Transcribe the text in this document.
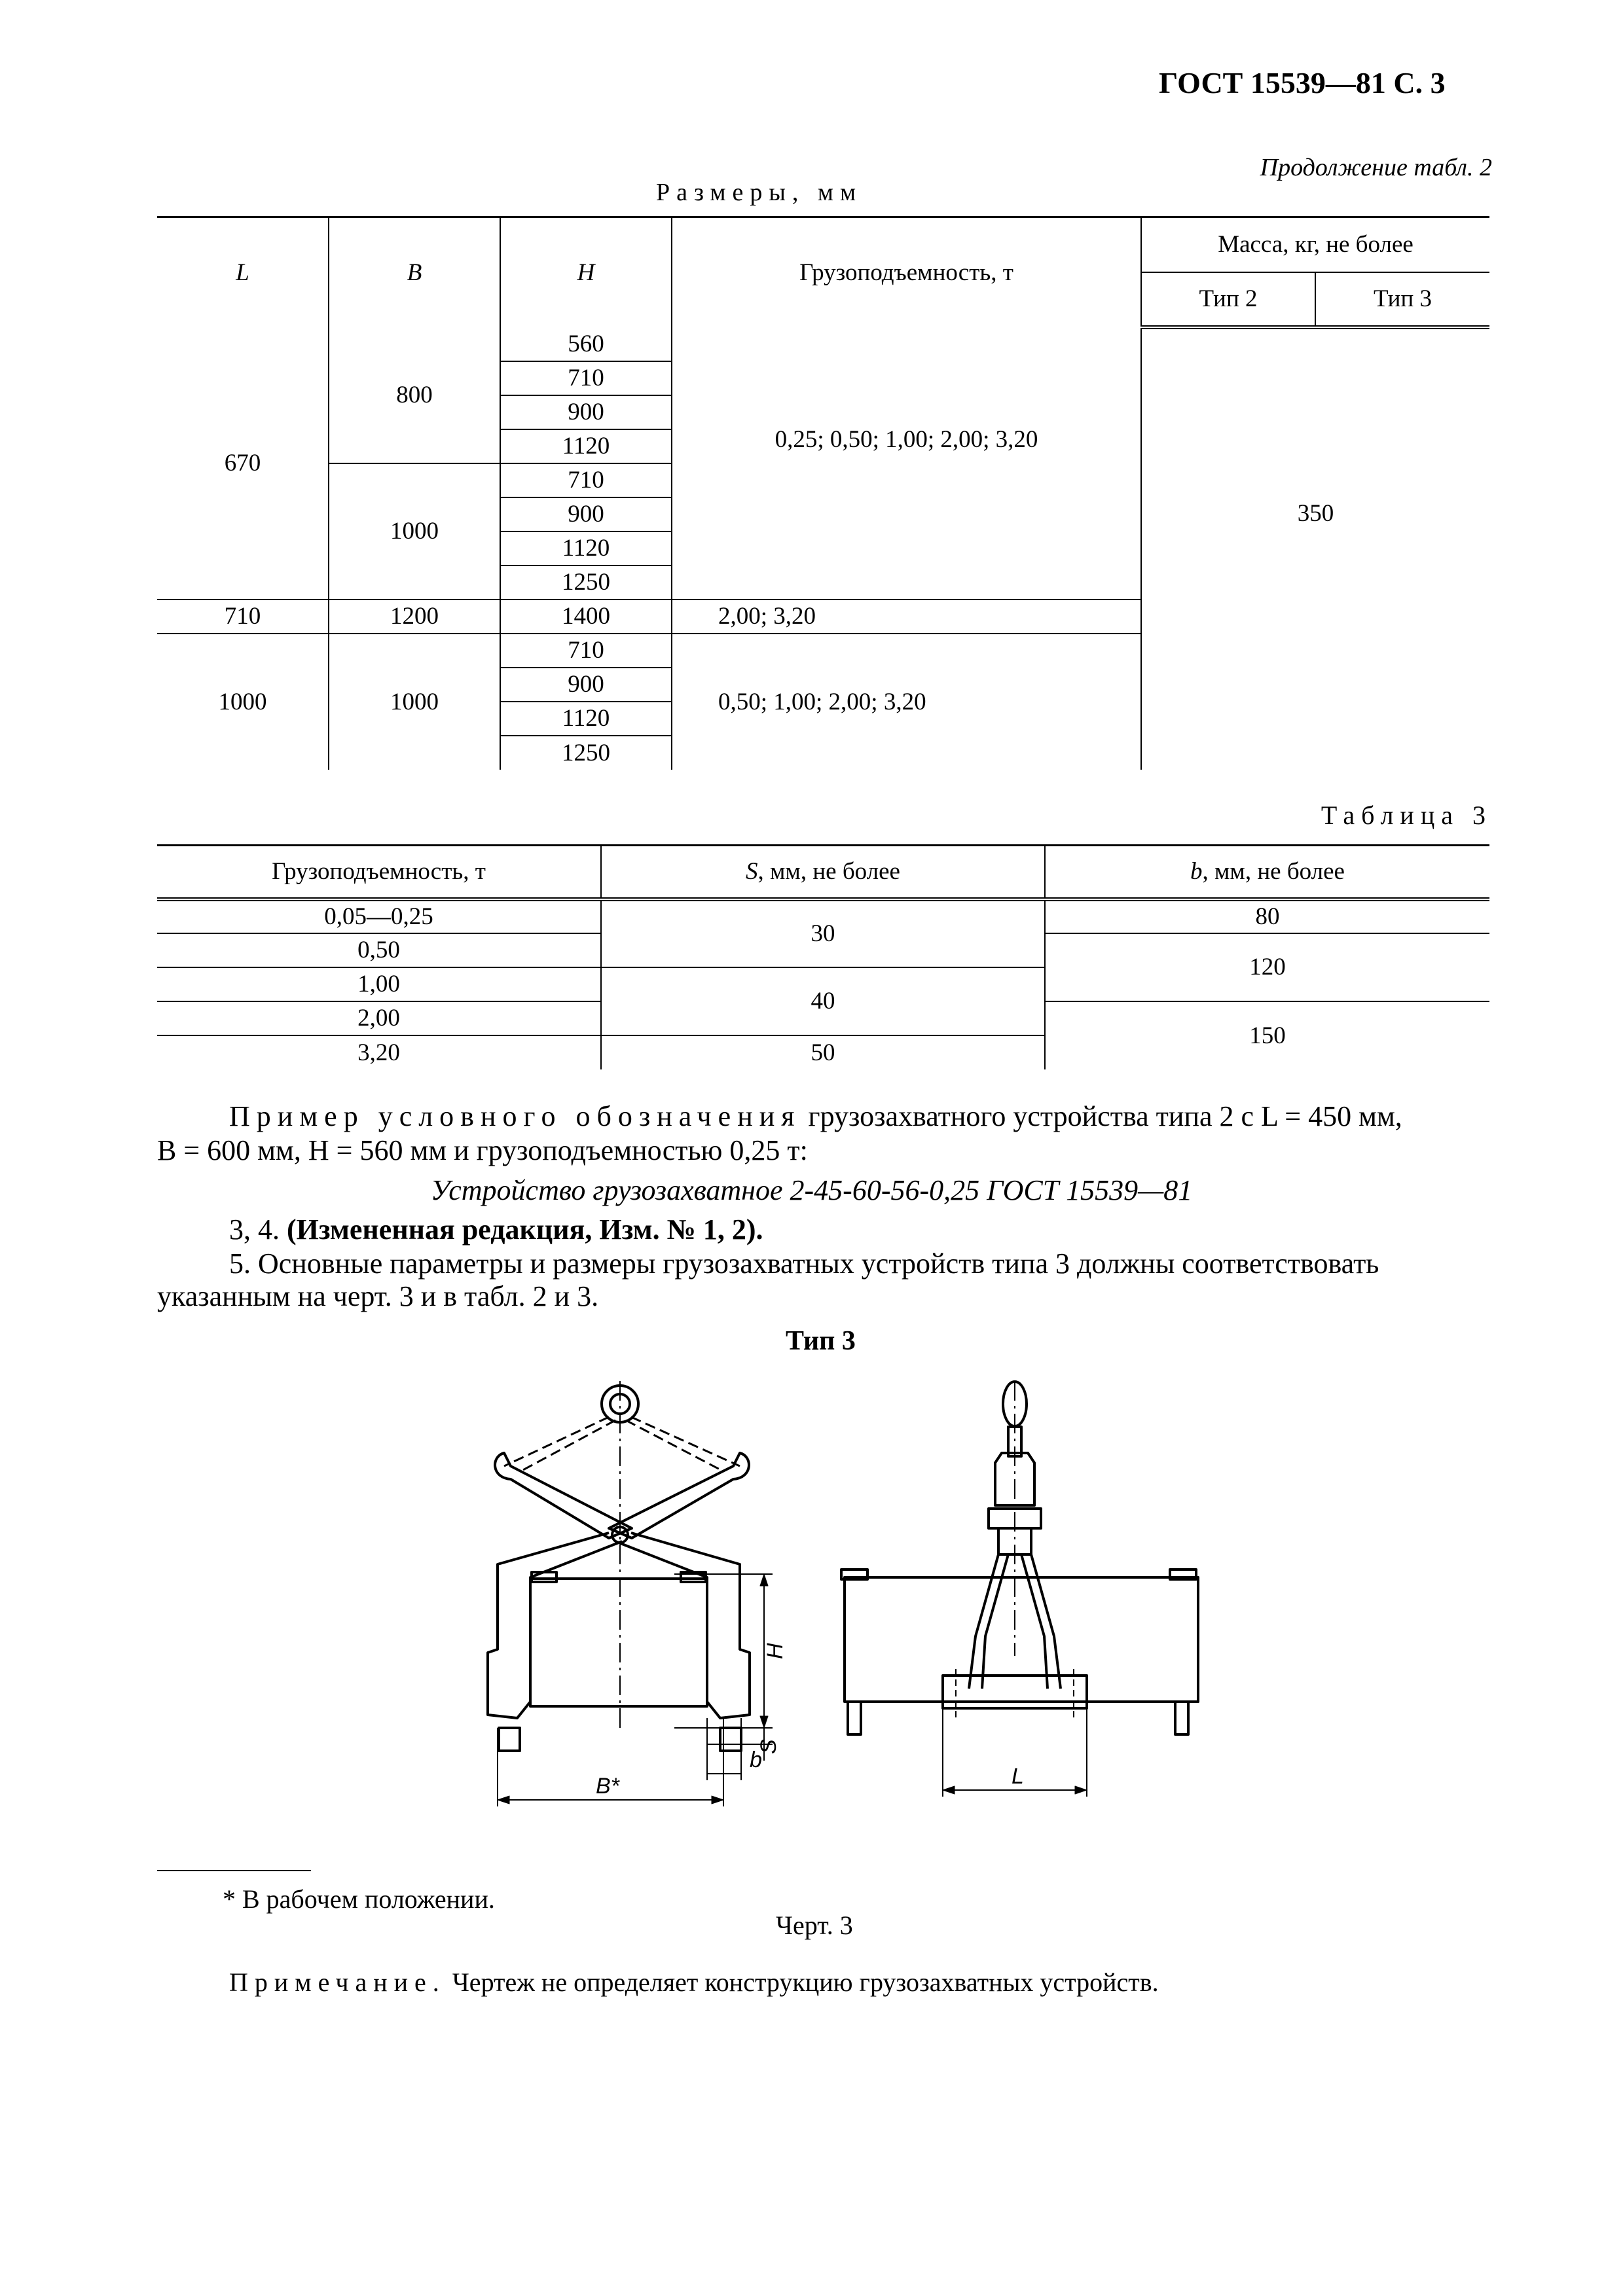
ГОСТ 15539—81 С. 3
Продолжение табл. 2
Размеры, мм
L	B	H	Грузоподъемность, т	Масса, кг, не более	
				Тип 2	Тип 3
670	800	560	0,25; 0,50; 1,00; 2,00; 3,20	350	
		710			
		900			
		1120			
	1000	710			
		900			
		1120			
		1250			
710	1200	1400	2,00; 3,20		
1000	1000	710	0,50; 1,00; 2,00; 3,20		
		900			
		1120			
		1250			
Таблица 3
Грузоподъемность, т	S, мм, не более	b, мм, не более
0,05—0,25	30	80
0,50		120
1,00	40	
2,00		150
3,20	50	
Пример условного обозначения грузозахватного устройства типа 2 с L = 450 мм,
B = 600 мм, H = 560 мм и грузоподъемностью 0,25 т:
Устройство грузозахватное 2-45-60-56-0,25 ГОСТ 15539—81
3, 4. (Измененная редакция, Изм. № 1, 2).
5. Основные параметры и размеры грузозахватных устройств типа 3 должны соответствовать
указанным на черт. 3 и в табл. 2 и 3.
Тип 3
H
S
b
B*	L
* В рабочем положении.
Черт. 3
Примечание. Чертеж не определяет конструкцию грузозахватных устройств.
